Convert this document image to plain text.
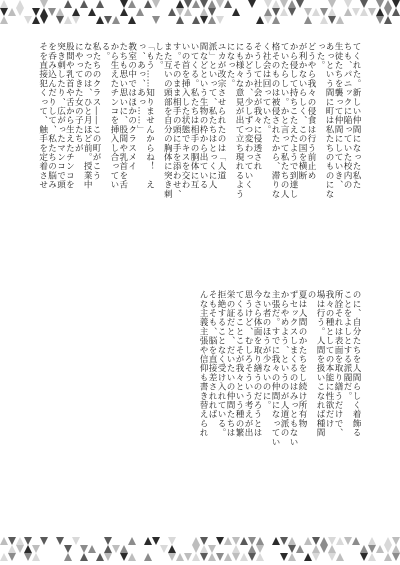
いてくる。私たちは相手の胴体に互
いの首を挿入した状態でキスを交わ
す。そのまま相手の頭に手を添わせ、
また互いの頭部を自分の胸体に突き刺
した。
「もう……知りませんからね！　え
っ、あっ、あっ……」
教室の中ではほかのクラスメイ
たちも思い思いに、股間や乳首を舌
から生えたチンコを挿入し合ってい
る。
私たちのクラス――この町がこう
なったのは、ひと月ほど前。授業中
にやってきた女の子たちが
股間や乳首や舌から生えたチンコを
突き刺したり、広がったマンコで頭
を呑み込んだりして、私たちの脳み
そを直接犯くって、触手を定着させ	てくれた。新しい仲間になった私た
ちも、パニックに陥っていた校内の
生徒たちを襲って仲間にしていき、
あっという間に町は私たちのものにな
った。
どうやら我々の侵食は行う前止め
が利かないらしく、この国を横断
から侵して持ちこたえたようで到達し
ていたらしい。かと言って私たちの人
格そのものは被侵されたから、滞りな
く社会は回っていた。
そうして社会が我々に侵透され
るかどうか、少しずつ変わっていく
にも様々な意見が出て立ち現れるよう
になった。
ユカが改宗させられたのは「人道
派」といって、私たちはとっくに人
間などという生物の枠から出ている
のに、自分たちを人間らしく着飾る
ことをよしとする派閥だ。
所詮それは表面を取り繕うだけで、
我々の種としての本能に性欲だけ
場は行う。人間を扱いこなれば種間
の
夏は人間のかたちをし続け所有物
ずセックスしまくるのはみっともない
からやめよう、というのが人道派の
主張だ。すでに我々の仲間になってい
ない者のほうが少ないのに。
今さら体面を取り繕うのだろうとは
思うけど、むしろそういう考えが出
てくることこそが我々という種の繁
栄の証だと、だいたいの仲間たちは
拒絶することなく受け入れている。
そもそも、脳を直接差されれば
んな主義主張や信仰も書き替えられ
